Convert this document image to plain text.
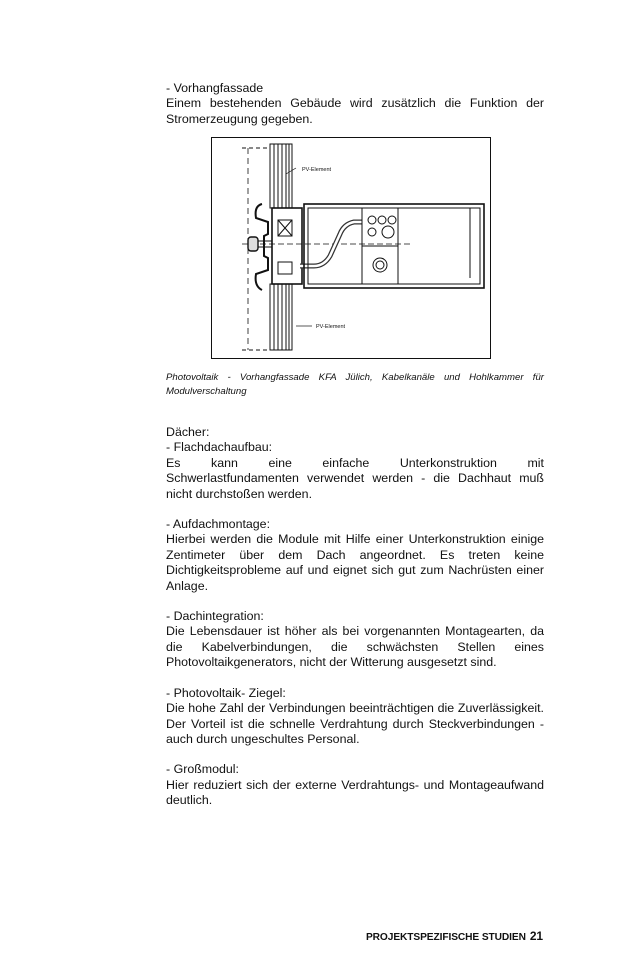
- Vorhangfassade

Einem bestehenden Gebäude wird zusätzlich die Funktion der Stromerzeugung gegeben.

PV-Element
PV-Element

Photovoltaik - Vorhangfassade KFA Jülich, Kabelkanäle und Hohlkammer für Modulverschaltung

Dächer:

- Flachdachaufbau:

Es kann eine einfache Unterkonstruktion mit Schwerlastfundamenten verwendet werden - die Dachhaut muß nicht durchstoßen werden.

- Aufdachmontage:

Hierbei werden die Module mit Hilfe einer Unterkonstruktion einige Zentimeter über dem Dach angeordnet. Es treten keine Dichtigkeitsprobleme auf und eignet sich gut zum Nachrüsten einer Anlage.

- Dachintegration:

Die Lebensdauer ist höher als bei vorgenannten Montagearten, da die Kabelverbindungen, die schwächsten Stellen eines Photovoltaikgenerators, nicht der Witterung ausgesetzt sind.

- Photovoltaik- Ziegel:

Die hohe Zahl der Verbindungen beeinträchtigen die Zuverlässigkeit. Der Vorteil ist die schnelle Verdrahtung durch Steckverbindungen - auch durch ungeschultes Personal.

- Großmodul:

Hier reduziert sich der externe Verdrahtungs- und Montageaufwand deutlich.

PROJEKTSPEZIFISCHE STUDIEN 21
